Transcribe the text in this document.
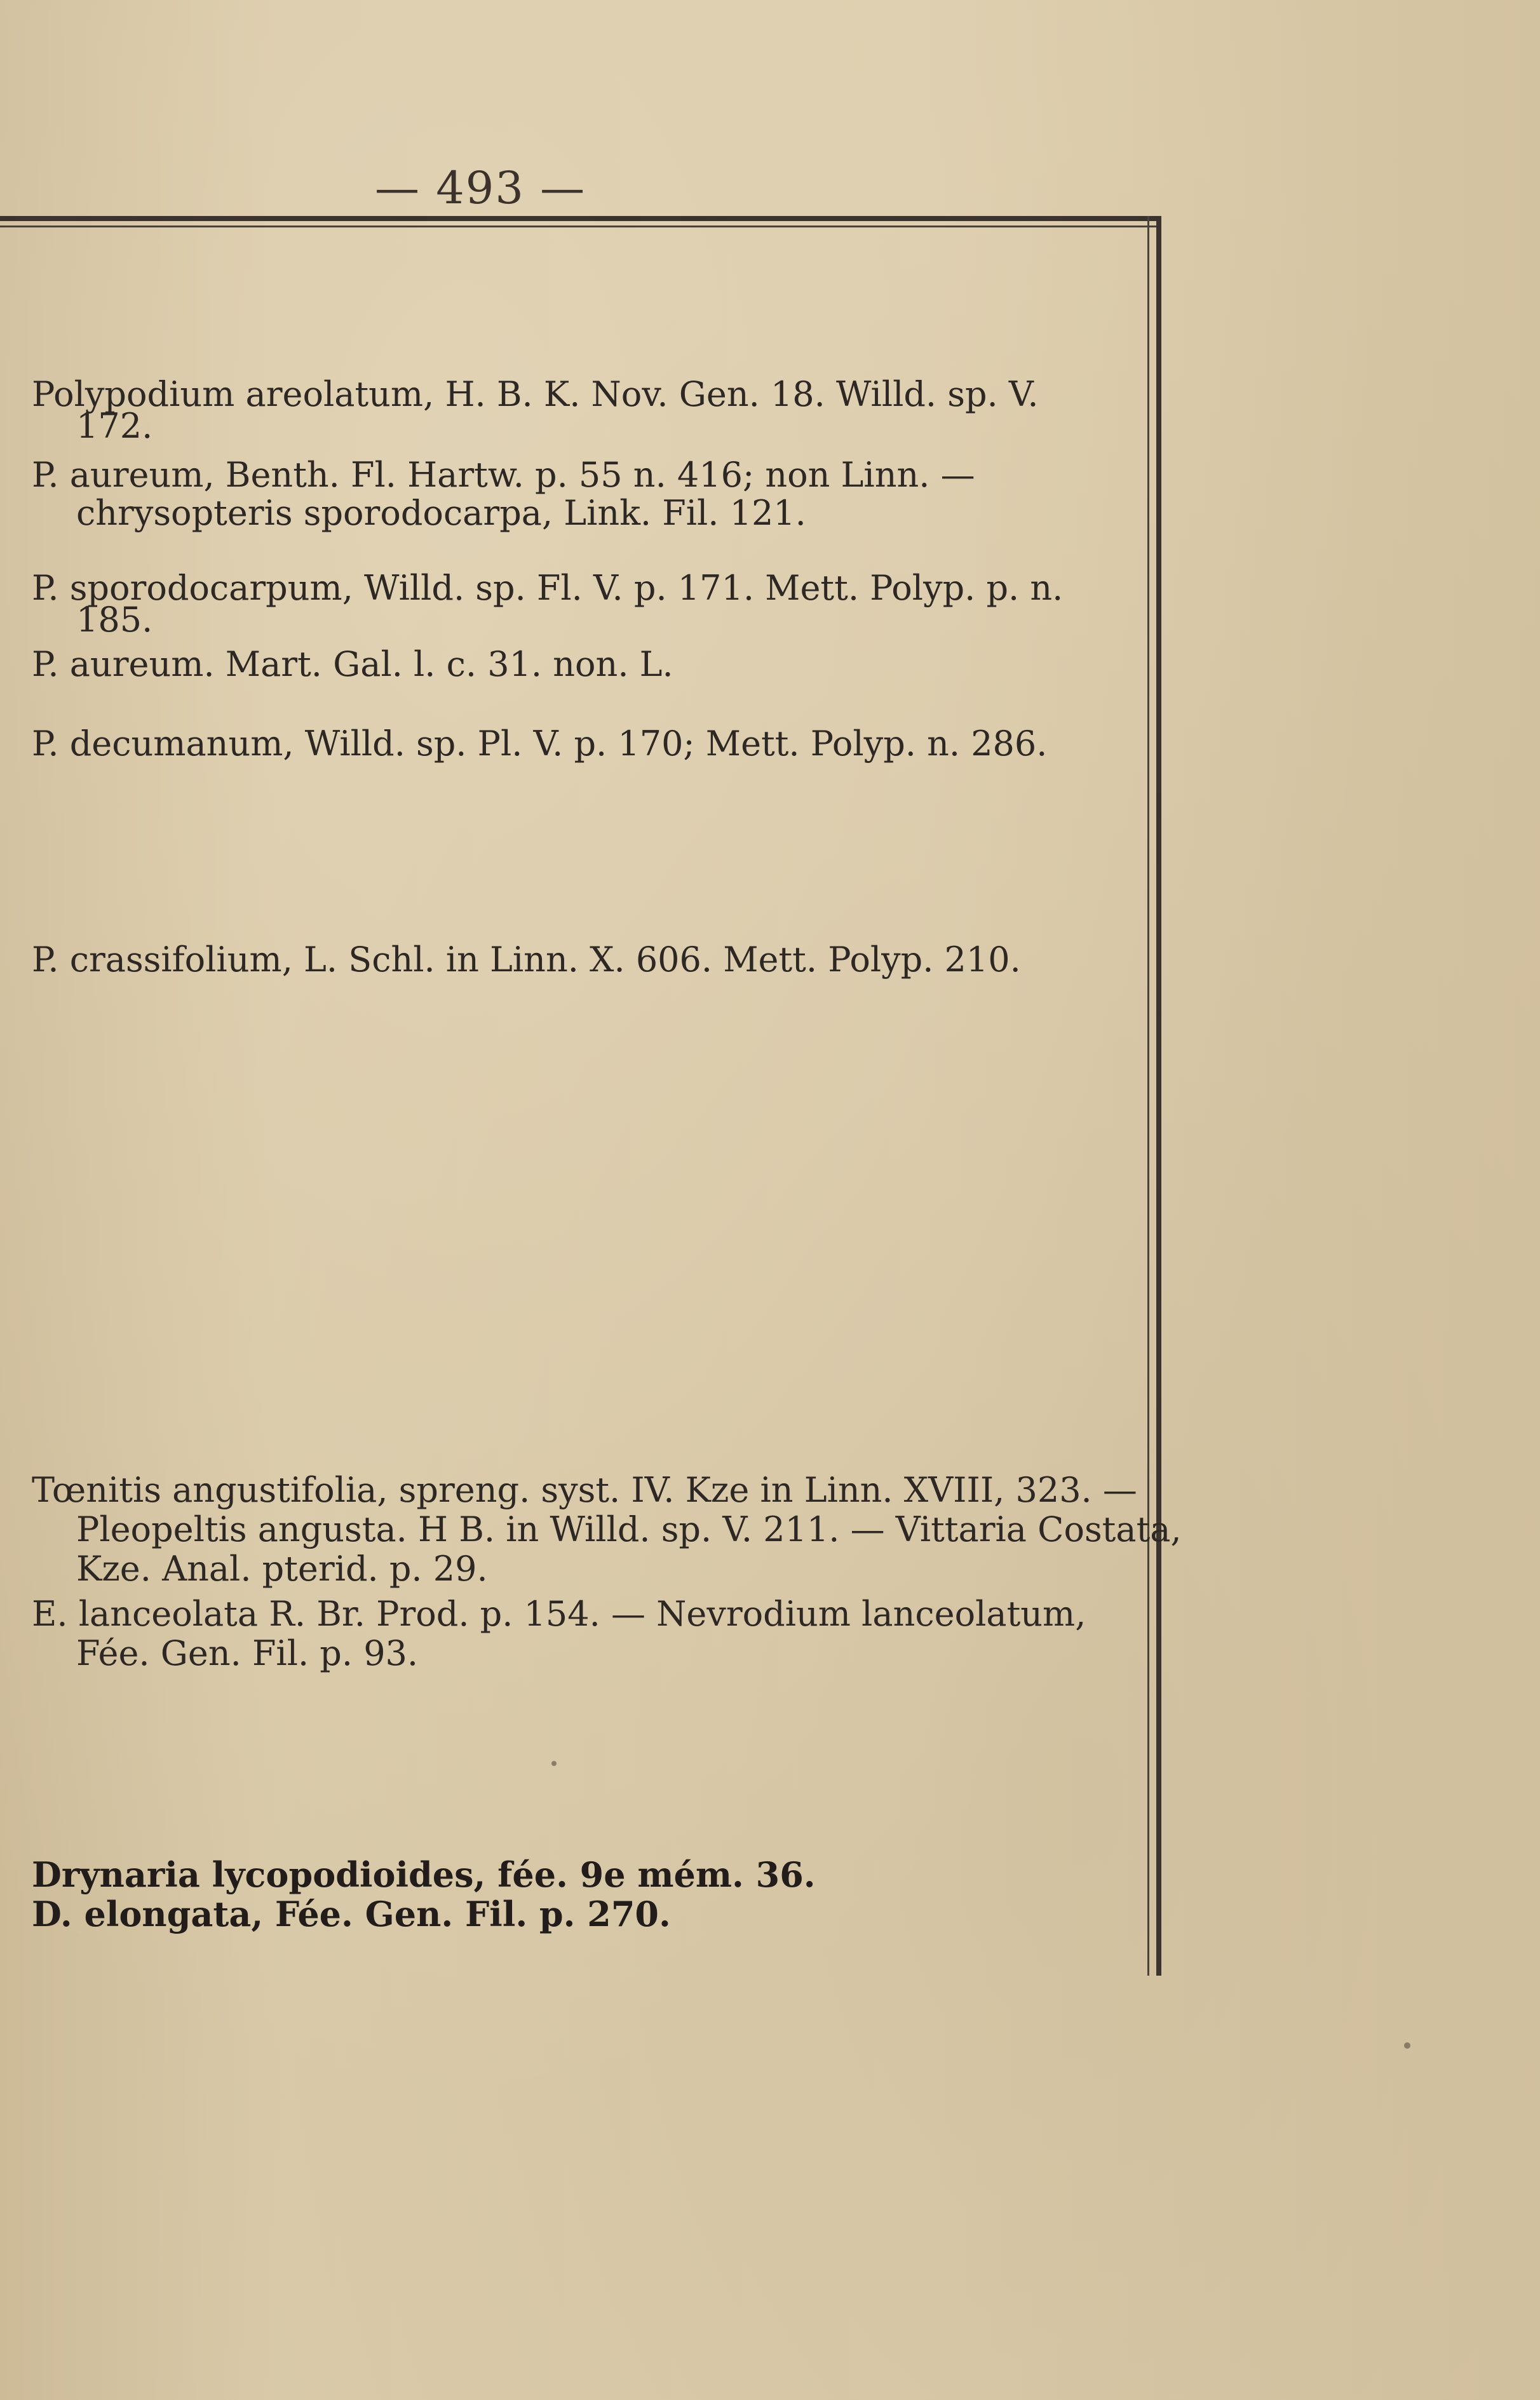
— 493 —
Polypodium areolatum, H. B. K. Nov. Gen. 18. Willd. sp. V.
172.
P. aureum, Benth. Fl. Hartw. p. 55 n. 416; non Linn. —
chrysopteris sporodocarpa, Link. Fil. 121.
P. sporodocarpum, Willd. sp. Fl. V. p. 171. Mett. Polyp. p. n.
185.
P. aureum. Mart. Gal. l. c. 31. non. L.
P. decumanum, Willd. sp. Pl. V. p. 170; Mett. Polyp. n. 286.
P. crassifolium, L. Schl. in Linn. X. 606. Mett. Polyp. 210.
Tœnitis angustifolia, spreng. syst. IV. Kze in Linn. XVIII, 323. —
Pleopeltis angusta. H B. in Willd. sp. V. 211. — Vittaria Costata,
Kze. Anal. pterid. p. 29.
E. lanceolata R. Br. Prod. p. 154. — Nevrodium lanceolatum,
Fée. Gen. Fil. p. 93.
Drynaria lycopodioides, fée. 9e mém. 36.
D. elongata, Fée. Gen. Fil. p. 270.
